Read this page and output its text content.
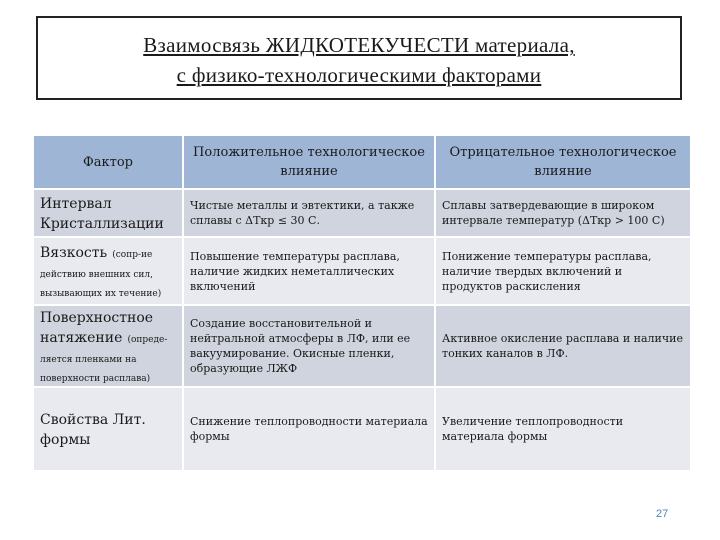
Взаимосвязь ЖИДКОТЕКУЧЕСТИ материала,
с физико-технологическими факторами
Фактор	Положительное технологическое влияние	Отрицательное технологическое влияние
Интервал Кристаллизации	Чистые металлы и эвтектики, а также сплавы с ΔТкр ≤ 30 С.	Сплавы затвердевающие в широком интервале температур (ΔТкр > 100 С)
Вязкость (сопр-ие действию внешних сил, вызывающих их течение)	Повышение температуры расплава, наличие жидких неметаллических включений	Понижение температуры расплава, наличие твердых включений и продуктов раскисления
Поверхностное натяжение (опреде-ляется пленками на поверхности расплава)	Создание восстановительной и нейтральной атмосферы в ЛФ, или ее вакуумирование. Окисные пленки, образующие ЛЖФ	Активное окисление расплава и наличие тонких каналов в ЛФ.
Свойства Лит. формы	Снижение теплопроводности материала формы	Увеличение теплопроводности материала формы
27
